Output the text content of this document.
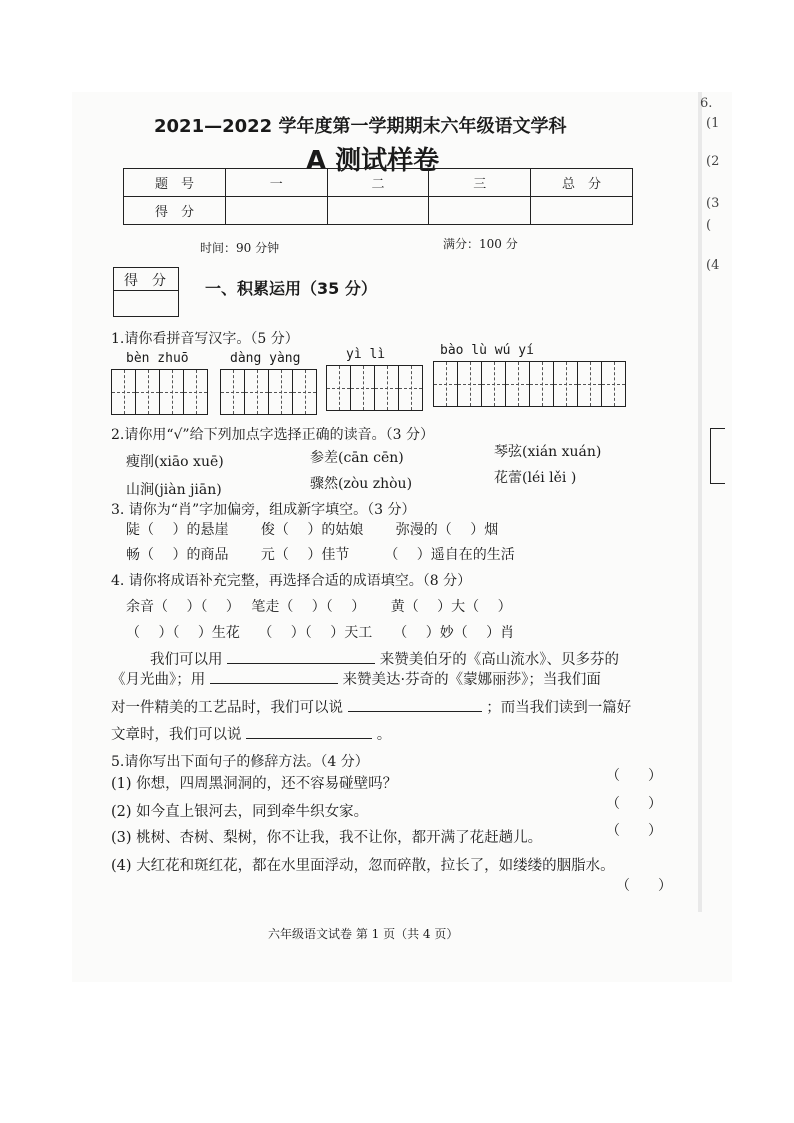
6.
(1
(2
(3
(
(4
2021—2022 学年度第一学期期末六年级语文学科
A 测试样卷
题　号	一	二	三	总　分
得　分				
时间：90 分钟	满分：100 分
得　分 一、积累运用（35 分）
1.请你看拼音写汉字。（5 分）
bèn zhuō	dàng yàng	yì lì	bào lù wú yí
2.请你用“√”给下列加点字选择正确的读音。（3 分）
瘦削(xiāo xuē)	参差(cān cēn)	琴弦(xián xuán)
山涧(jiàn jiān)	骤然(zòu zhòu)	花蕾(léi lěi )
3. 请你为“肖”字加偏旁，组成新字填空。（3 分）
陡（　 ）的悬崖　　 俊（　 ）的姑娘　　 弥漫的（　 ）烟
畅（　 ）的商品　　 元（　 ）佳节　　　（　 ）遥自在的生活
4. 请你将成语补充完整，再选择合适的成语填空。（8 分）
余音（　 ）（　 ）　 笔走（　 ）（　 ）　　 黄（　 ）大（　 ）
（　 ）（　 ）生花　 （　 ）（　 ）天工　　（　 ）妙（　 ）肖
我们可以用	来赞美伯牙的《高山流水》、贝多芬的
《月光曲》；用	来赞美达·芬奇的《蒙娜丽莎》；当我们面
对一件精美的工艺品时，我们可以说	；而当我们读到一篇好
文章时，我们可以说	。
5.请你写出下面句子的修辞方法。（4 分）
(1) 你想，四周黑洞洞的，还不容易碰壁吗？	（　　）
(2) 如今直上银河去，同到牵牛织女家。	（　　）
(3) 桃树、杏树、梨树，你不让我，我不让你，都开满了花赶趟儿。	（　　）
(4) 大红花和斑红花，都在水里面浮动，忽而碎散，拉长了，如缕缕的胭脂水。
（　　）
六年级语文试卷 第 1 页（共 4 页）
